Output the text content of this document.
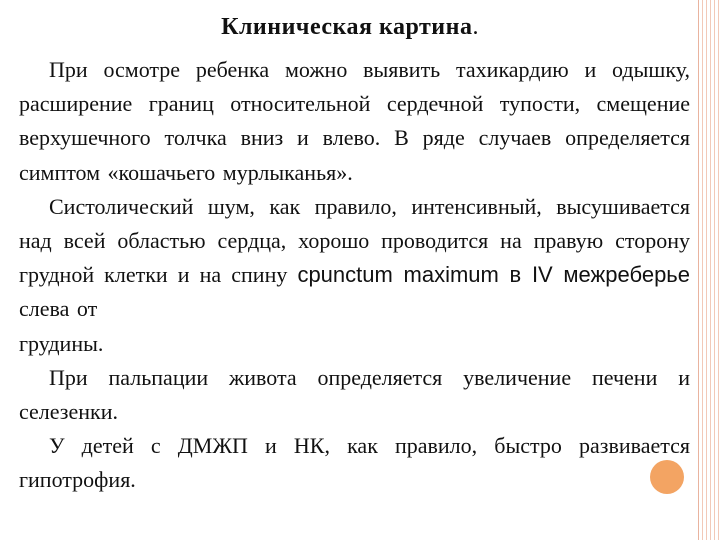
Клиническая картина.

При осмотре ребенка можно выявить тахикардию и одышку, расширение границ относительной сердечной тупости, смещение верхушечного толчка вниз и влево. В ряде случаев определяется симптом «кошачьего мурлыканья».

Систолический шум, как правило, интенсивный, высушивается над всей областью сердца, хорошо проводится на правую сторону грудной клетки и на спину cpunctum maximum в IV межреберье слева от

грудины.

При пальпации живота определяется увеличение печени и селезенки.

У детей с ДМЖП и НК, как правило, быстро развивается гипотрофия.
